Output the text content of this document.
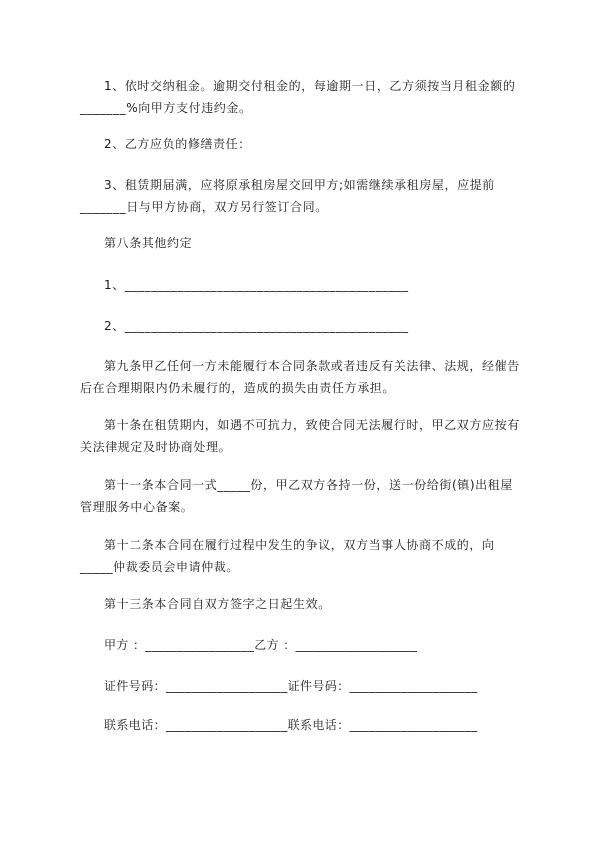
1、依时交纳租金。逾期交付租金的，每逾期一日，乙方须按当月租金额的_______%向甲方支付违约金。

2、乙方应负的修缮责任：

3、租赁期届满，应将原承租房屋交回甲方;如需继续承租房屋，应提前_______日与甲方协商，双方另行签订合同。

第八条其他约定

1、___________________________________________

2、___________________________________________

第九条甲乙任何一方未能履行本合同条款或者违反有关法律、法规，经催告后在合理期限内仍未履行的，造成的损失由责任方承担。

第十条在租赁期内，如遇不可抗力，致使合同无法履行时，甲乙双方应按有关法律规定及时协商处理。

第十一条本合同一式_____份，甲乙双方各持一份，送一份给街(镇)出租屋管理服务中心备案。

第十二条本合同在履行过程中发生的争议，双方当事人协商不成的，向_____仲裁委员会申请仲裁。

第十三条本合同自双方签字之日起生效。

甲方 ：_________________乙方 ：___________________

证件号码：___________________证件号码：____________________

联系电话：___________________联系电话：____________________
